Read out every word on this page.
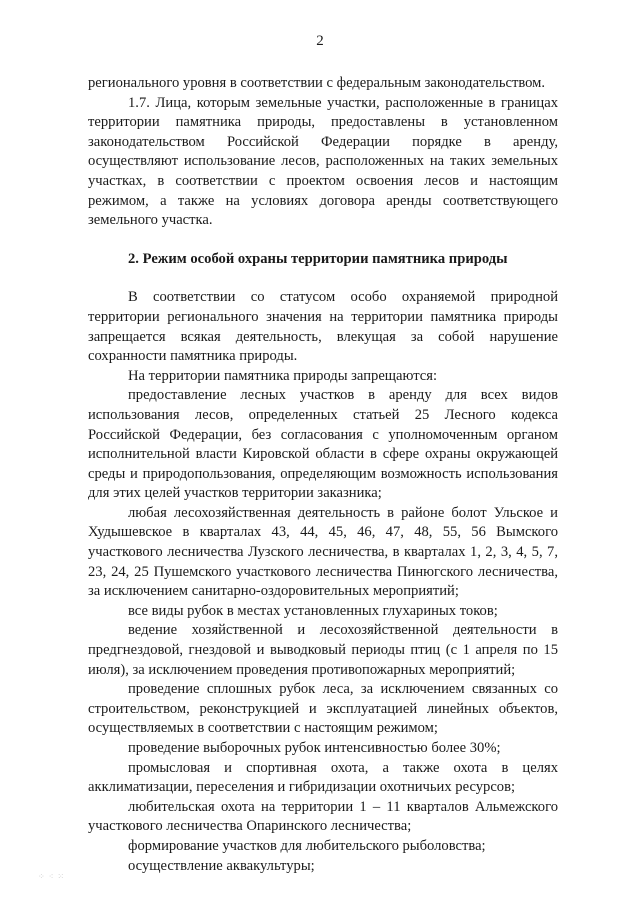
2

регионального уровня в соответствии с федеральным законодательством.

1.7. Лица, которым земельные участки, расположенные в границах территории памятника природы, предоставлены в установленном законодательством Российской Федерации порядке в аренду, осуществляют использование лесов, расположенных на таких земельных участках, в соответствии с проектом освоения лесов и настоящим режимом, а также на условиях договора аренды соответствующего земельного участка.

2. Режим особой охраны территории памятника природы

В соответствии со статусом особо охраняемой природной территории регионального значения на территории памятника природы запрещается всякая деятельность, влекущая за собой нарушение сохранности памятника природы.

На территории памятника природы запрещаются:

предоставление лесных участков в аренду для всех видов использования лесов, определенных статьей 25 Лесного кодекса Российской Федерации, без согласования с уполномоченным органом исполнительной власти Кировской области в сфере охраны окружающей среды и природопользования, определяющим возможность использования для этих целей участков территории заказника;

любая лесохозяйственная деятельность в районе болот Ульское и Худышевское в кварталах 43, 44, 45, 46, 47, 48, 55, 56 Вымского участкового лесничества Лузского лесничества, в кварталах 1, 2, 3, 4, 5, 7, 23, 24, 25 Пушемского участкового лесничества Пинюгского лесничества, за исключением санитарно-оздоровительных мероприятий;

все виды рубок в местах установленных глухариных токов;

ведение хозяйственной и лесохозяйственной деятельности в предгнездовой, гнездовой и выводковый периоды птиц (с 1 апреля по 15 июля), за исключением проведения противопожарных мероприятий;

проведение сплошных рубок леса, за исключением связанных со строительством, реконструкцией и эксплуатацией линейных объектов, осуществляемых в соответствии с настоящим режимом;

проведение выборочных рубок интенсивностью более 30%;

промысловая и спортивная охота, а также охота в целях акклиматизации, переселения и гибридизации охотничьих ресурсов;

любительская охота на территории 1 – 11 кварталов Альмежского участкового лесничества Опаринского лесничества;

формирование участков для любительского рыболовства;

осуществление аквакультуры;

⁘ ⁖ ⁙
